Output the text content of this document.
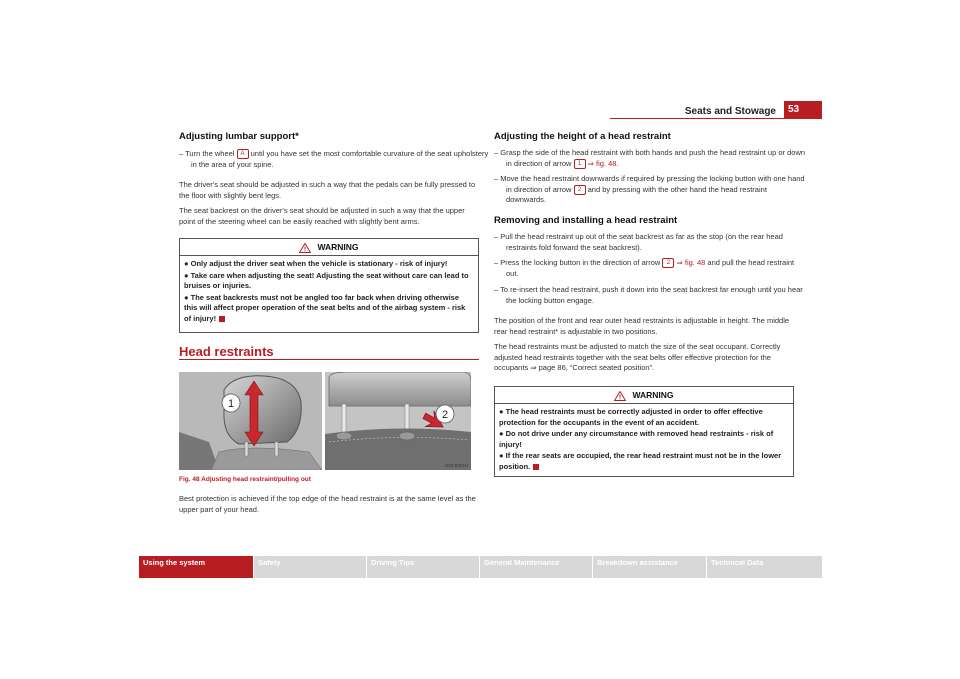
Seats and Stowage	53
Adjusting lumbar support*
– Turn the wheel A until you have set the most comfortable curvature of the seat upholstery in the area of your spine.
The driver's seat should be adjusted in such a way that the pedals can be fully pressed to the floor with slightly bent legs.
The seat backrest on the driver's seat should be adjusted in such a way that the upper point of the steering wheel can be easily reached with slightly bent arms.
WARNING
● Only adjust the driver seat when the vehicle is stationary - risk of injury!
● Take care when adjusting the seat! Adjusting the seat without care can lead to bruises or injuries.
● The seat backrests must not be angled too far back when driving otherwise this will affect proper operation of the seat belts and of the airbag system - risk of injury!
Head restraints
1
2
S1Z-0301H
Fig. 48 Adjusting head restraint/pulling out
Best protection is achieved if the top edge of the head restraint is at the same level as the upper part of your head.
Adjusting the height of a head restraint
– Grasp the side of the head restraint with both hands and push the head restraint up or down in direction of arrow 1 ⇒ fig. 48.
– Move the head restraint downwards if required by pressing the locking button with one hand in direction of arrow 2 and by pressing with the other hand the head restraint downwards.
Removing and installing a head restraint
– Pull the head restraint up out of the seat backrest as far as the stop (on the rear head restraints fold forward the seat backrest).
– Press the locking button in the direction of arrow 2 ⇒ fig. 48 and pull the head restraint out.
– To re-insert the head restraint, push it down into the seat backrest far enough until you hear the locking button engage.
The position of the front and rear outer head restraints is adjustable in height. The middle rear head restraint* is adjustable in two positions.
The head restraints must be adjusted to match the size of the seat occupant. Correctly adjusted head restraints together with the seat belts offer effective protection for the occupants ⇒ page 86, “Correct seated position”.
WARNING
● The head restraints must be correctly adjusted in order to offer effective protection for the occupants in the event of an accident.
● Do not drive under any circumstance with removed head restraints - risk of injury!
● If the rear seats are occupied, the rear head restraint must not be in the lower position.
Using the system	Safety	Driving Tips	General Maintenance	Breakdown assistance	Technical Data
